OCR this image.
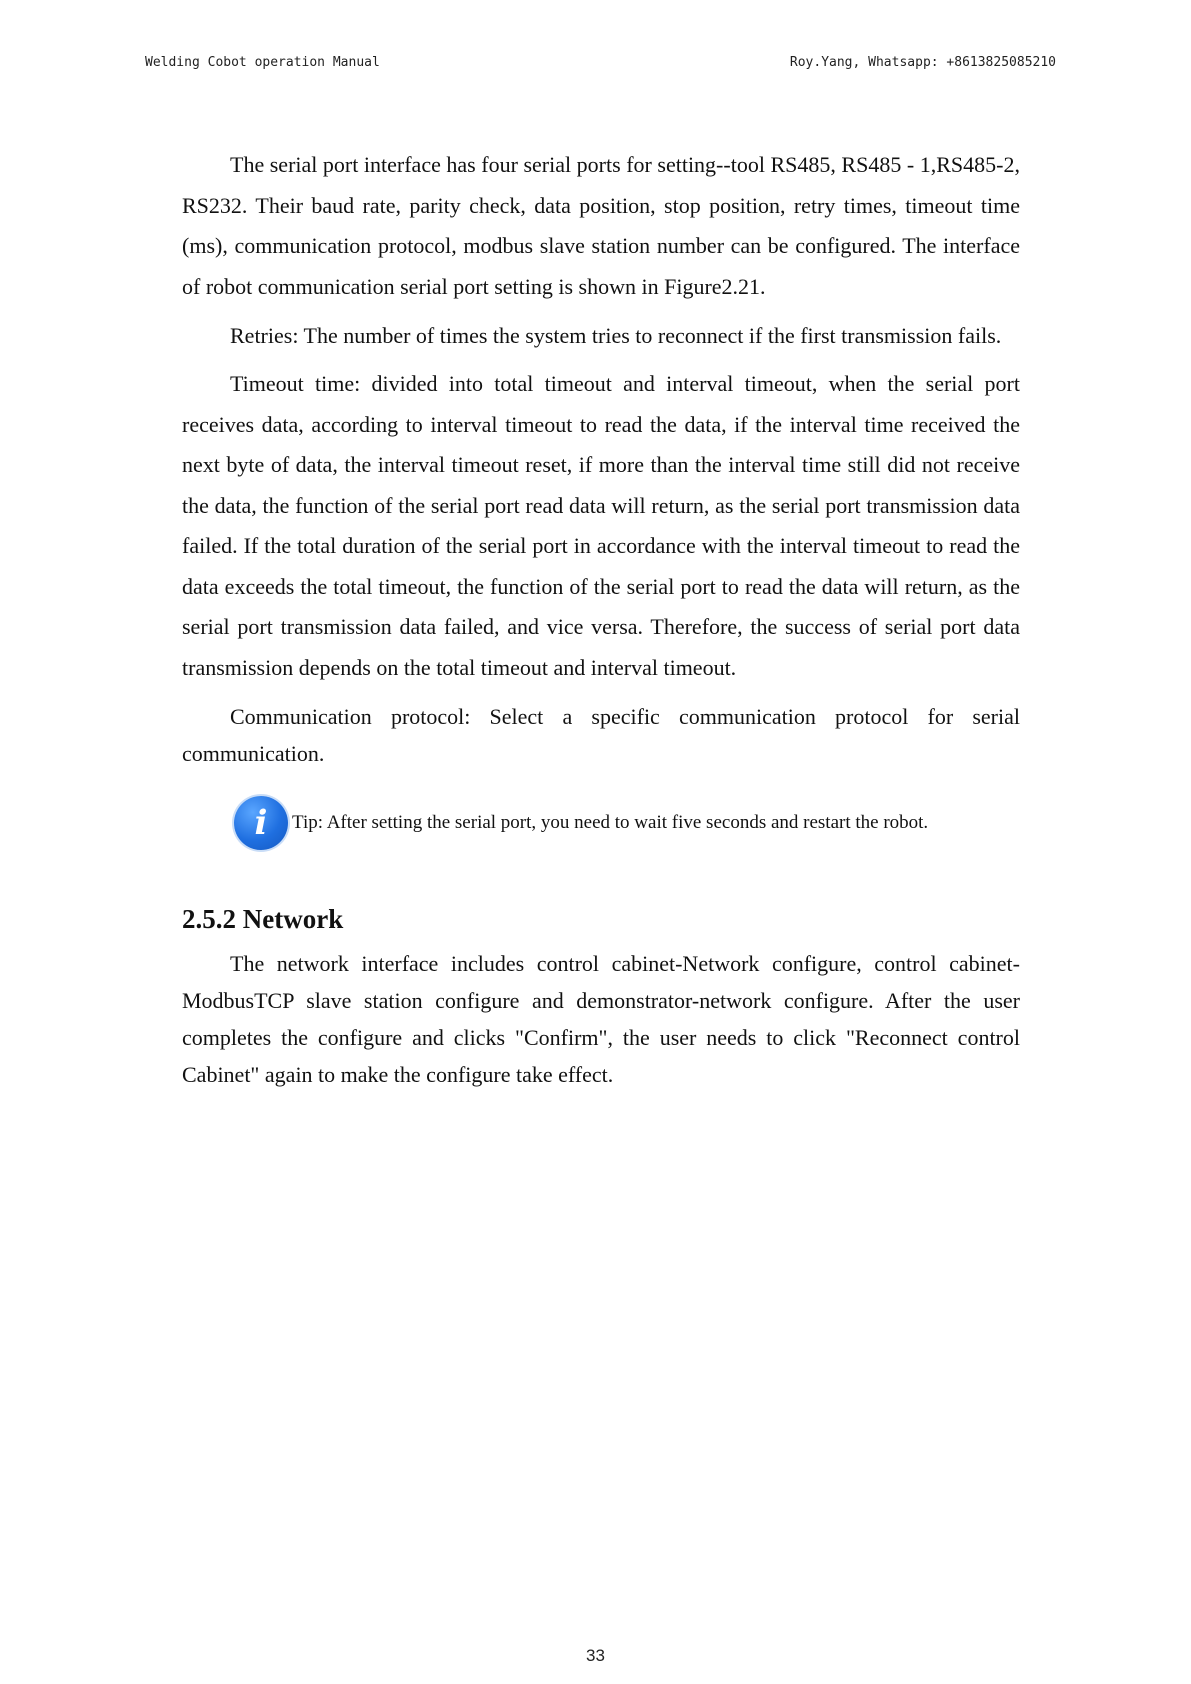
Welding Cobot operation Manual	Roy.Yang, Whatsapp: +8613825085210

The serial port interface has four serial ports for setting--tool RS485, RS485 - 1,RS485-2, RS232. Their baud rate, parity check, data position, stop position, retry times, timeout time (ms), communication protocol, modbus slave station number can be configured. The interface of robot communication serial port setting is shown in Figure2.21.

Retries: The number of times the system tries to reconnect if the first transmission fails.

Timeout time: divided into total timeout and interval timeout, when the serial port receives data, according to interval timeout to read the data, if the interval time received the next byte of data, the interval timeout reset, if more than the interval time still did not receive the data, the function of the serial port read data will return, as the serial port transmission data failed. If the total duration of the serial port in accordance with the interval timeout to read the data exceeds the total timeout, the function of the serial port to read the data will return, as the serial port transmission data failed, and vice versa. Therefore, the success of serial port data transmission depends on the total timeout and interval timeout.

Communication protocol: Select a specific communication protocol for serial communication.

i	Tip: After setting the serial port, you need to wait five seconds and restart the robot.
2.5.2 Network

The network interface includes control cabinet-Network configure, control cabinet-ModbusTCP slave station configure and demonstrator-network configure. After the user completes the configure and clicks "Confirm", the user needs to click "Reconnect control Cabinet" again to make the configure take effect.

33
